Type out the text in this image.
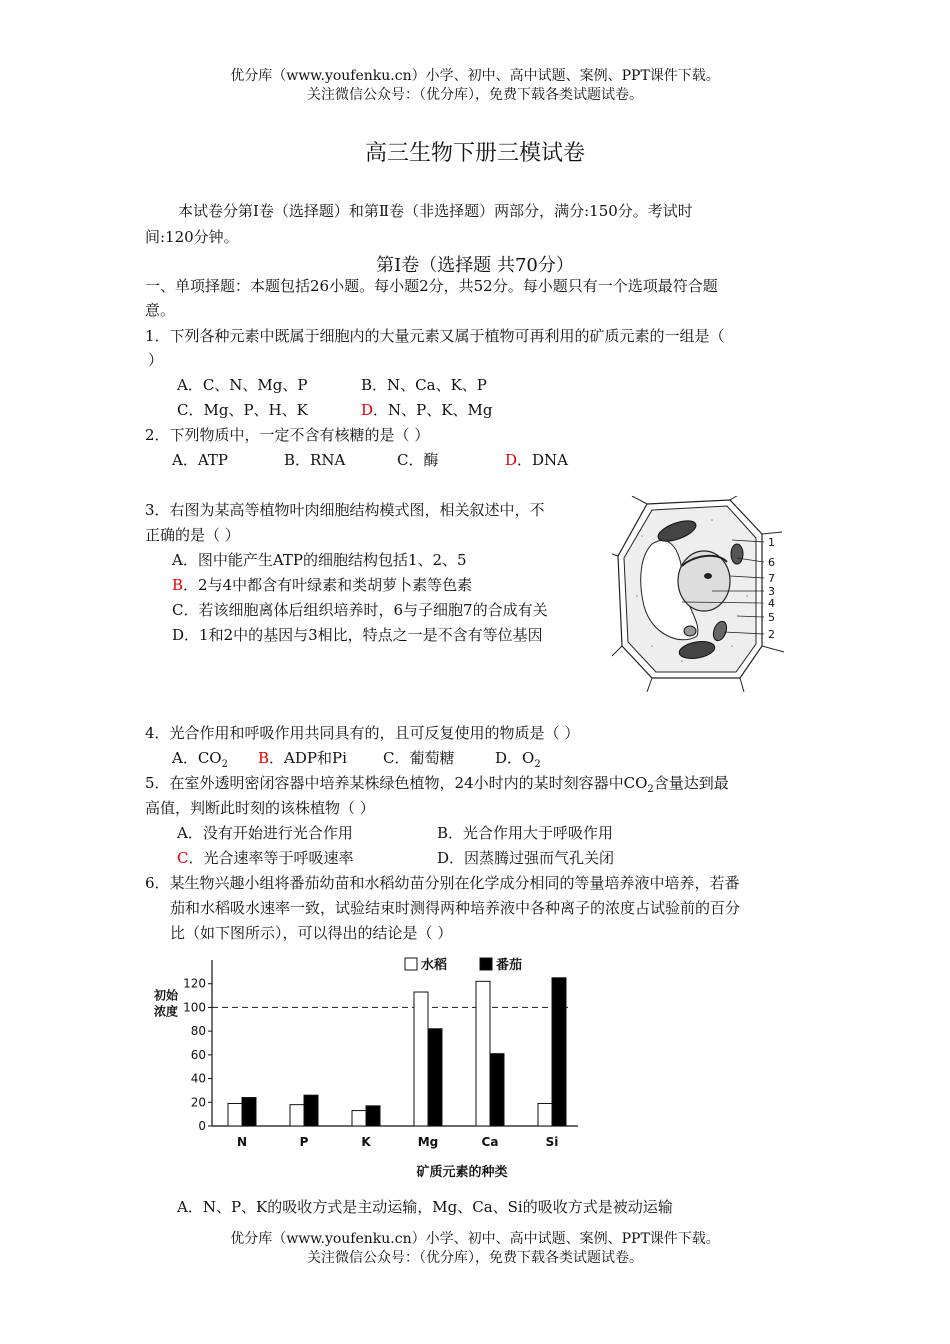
优分库（www.youfenku.cn）小学、初中、高中试题、案例、PPT课件下载。
关注微信公众号：（优分库），免费下载各类试题试卷。
高三生物下册三模试卷
本试卷分第Ⅰ卷（选择题）和第Ⅱ卷（非选择题）两部分，满分:150分。考试时
间:120分钟。
第Ⅰ卷（选择题 共70分）
一、单项择题：本题包括26小题。每小题2分，共52分。每小题只有一个选项最符合题
意。
1．下列各种元素中既属于细胞内的大量元素又属于植物可再利用的矿质元素的一组是（
）
A．C、N、Mg、P	B．N、Ca、K、P
C．Mg、P、H、K	D．N、P、K、Mg
2．下列物质中，一定不含有核糖的是（ ）
A．ATP	B．RNA	C．酶	D．DNA
3．右图为某高等植物叶肉细胞结构模式图，相关叙述中，不
正确的是（ ）
A．图中能产生ATP的细胞结构包括1、2、5
B．2与4中都含有叶绿素和类胡萝卜素等色素
C．若该细胞离体后组织培养时，6与子细胞7的合成有关
D．1和2中的基因与3相比，特点之一是不含有等位基因
1
6
7
3
4
5
2
4．光合作用和呼吸作用共同具有的，且可反复使用的物质是（ ）
A．$CO_2$ B．ADP和Pi C．葡萄糖	D．$O_2$
5．在室外透明密闭容器中培养某株绿色植物，24小时内的某时刻容器中$CO_2$含量达到最
高值，判断此时刻的该株植物（ ）
A．没有开始进行光合作用	B．光合作用大于呼吸作用
C．光合速率等于呼吸速率	D．因蒸腾过强而气孔关闭
6．某生物兴趣小组将番茄幼苗和水稻幼苗分别在化学成分相同的等量培养液中培养，若番
茄和水稻吸水速率一致，试验结束时测得两种培养液中各种离子的浓度占试验前的百分
比（如下图所示），可以得出的结论是（ ）
0
20
40
60
80
100
120
初始
浓度
N	P	K	Mg	Ca	Si
水稻	番茄
矿质元素的种类
A．N、P、K的吸收方式是主动运输，Mg、Ca、Si的吸收方式是被动运输
优分库（www.youfenku.cn）小学、初中、高中试题、案例、PPT课件下载。
关注微信公众号：（优分库），免费下载各类试题试卷。
